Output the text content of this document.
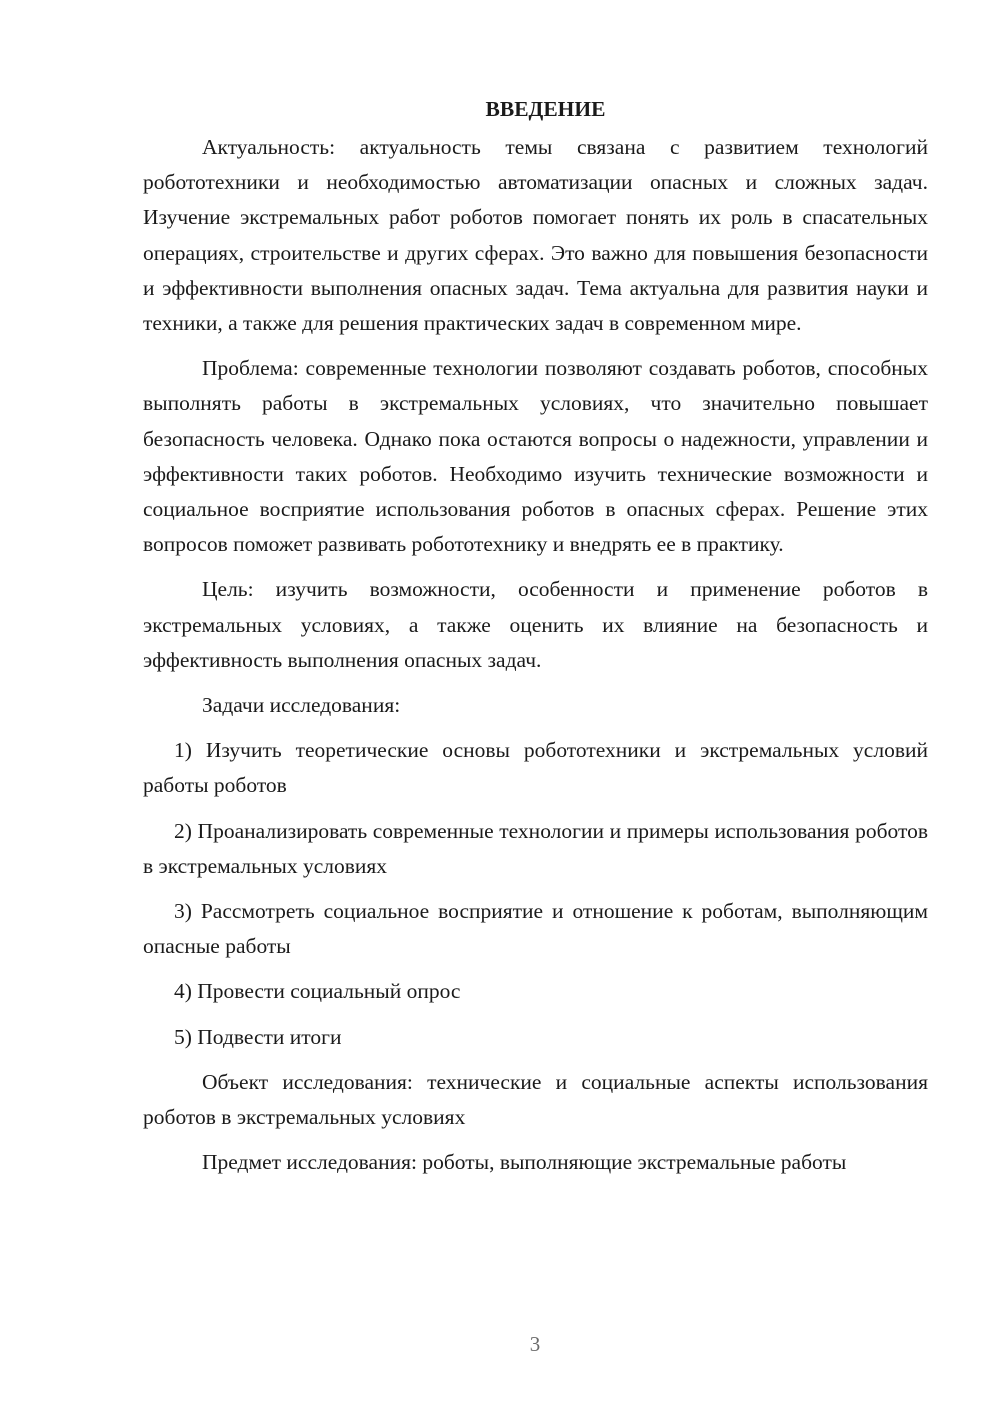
ВВЕДЕНИЕ

Актуальность: актуальность темы связана с развитием технологий робототехники и необходимостью автоматизации опасных и сложных задач. Изучение экстремальных работ роботов помогает понять их роль в спасательных операциях, строительстве и других сферах. Это важно для повышения безопасности и эффективности выполнения опасных задач. Тема актуальна для развития науки и техники, а также для решения практических задач в современном мире.

Проблема: современные технологии позволяют создавать роботов, способных выполнять работы в экстремальных условиях, что значительно повышает безопасность человека. Однако пока остаются вопросы о надежности, управлении и эффективности таких роботов. Необходимо изучить технические возможности и социальное восприятие использования роботов в опасных сферах. Решение этих вопросов поможет развивать робототехнику и внедрять ее в практику.

Цель: изучить возможности, особенности и применение роботов в экстремальных условиях, а также оценить их влияние на безопасность и эффективность выполнения опасных задач.

Задачи исследования:

1) Изучить теоретические основы робототехники и экстремальных условий работы роботов

2) Проанализировать современные технологии и примеры использования роботов в экстремальных условиях

3) Рассмотреть социальное восприятие и отношение к роботам, выполняющим опасные работы

4) Провести социальный опрос

5) Подвести итоги

Объект исследования: технические и социальные аспекты использования роботов в экстремальных условиях

Предмет исследования: роботы, выполняющие экстремальные работы

3
